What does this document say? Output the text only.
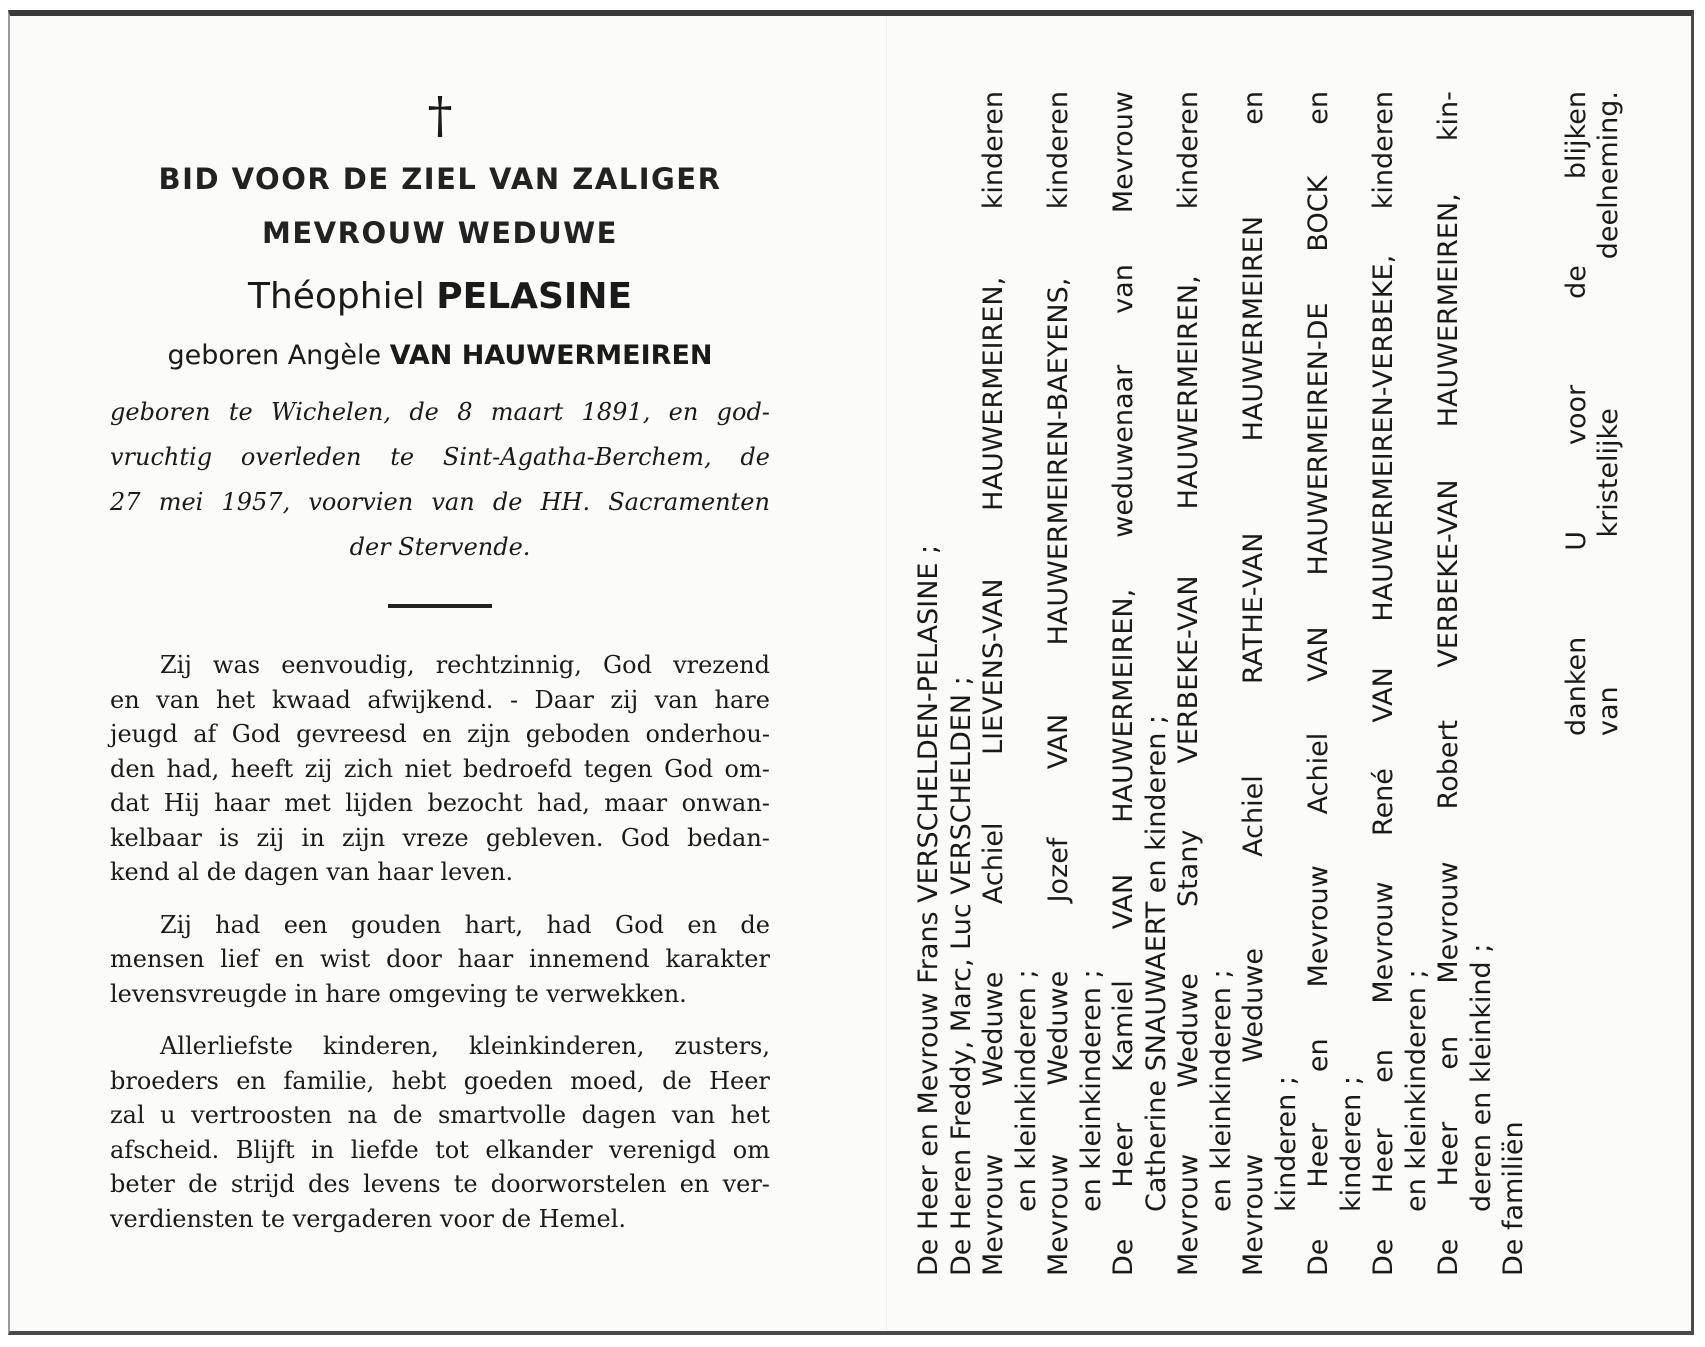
†
BID VOOR DE ZIEL VAN ZALIGER
MEVROUW WEDUWE
Théophiel PELASINE
geboren Angèle VAN HAUWERMEIREN
geboren te Wichelen, de 8 maart 1891, en god-
vruchtig overleden te Sint-Agatha-Berchem, de
27 mei 1957, voorvien van de HH. Sacramenten
der Stervende.
Zij was eenvoudig, rechtzinnig, God vrezend
en van het kwaad afwijkend. - Daar zij van hare
jeugd af God gevreesd en zijn geboden onderhou-
den had, heeft zij zich niet bedroefd tegen God om-
dat Hij haar met lijden bezocht had, maar onwan-
kelbaar is zij in zijn vreze gebleven. God bedan-
kend al de dagen van haar leven.
Zij had een gouden hart, had God en de
mensen lief en wist door haar innemend karakter
levensvreugde in hare omgeving te verwekken.
Allerliefste kinderen, kleinkinderen, zusters,
broeders en familie, hebt goeden moed, de Heer
zal u vertroosten na de smartvolle dagen van het
afscheid. Blijft in liefde tot elkander verenigd om
beter de strijd des levens te doorworstelen en ver-
verdiensten te vergaderen voor de Hemel.	De Heer en Mevrouw Frans VERSCHELDEN-PELASINE ; De Heren Freddy, Marc, Luc VERSCHELDEN ; Mevrouw
Weduwe
Achiel
LIEVENS-VAN
HAUWERMEIREN,
kinderen
en kleinkinderen ;
Mevrouw
Weduwe
Jozef
VAN
HAUWERMEIREN-BAEYENS,
kinderen
en kleinkinderen ;
De
Heer
Kamiel
VAN
HAUWERMEIREN,
weduwenaar
van
Mevrouw
Catherine SNAUWAERT en kinderen ;
Mevrouw
Weduwe
Stany
VERBEKE-VAN
HAUWERMEIREN,
kinderen
en kleinkinderen ;
Mevrouw
Weduwe
Achiel
RATHE-VAN
HAUWERMEIREN
en
kinderen ;
De
Heer
en
Mevrouw
Achiel
VAN
HAUWERMEIREN-DE
BOCK
en
kinderen ;
De
Heer
en
Mevrouw
René
VAN
HAUWERMEIREN-VERBEKE,
kinderen
en kleinkinderen ;
De
Heer
en
Mevrouw
Robert
VERBEKE-VAN
HAUWERMEIREN,
kin-
deren en kleinkind ; De familiën
danken
U
voor
de
blijken
van
kristelijke
deelneming.
